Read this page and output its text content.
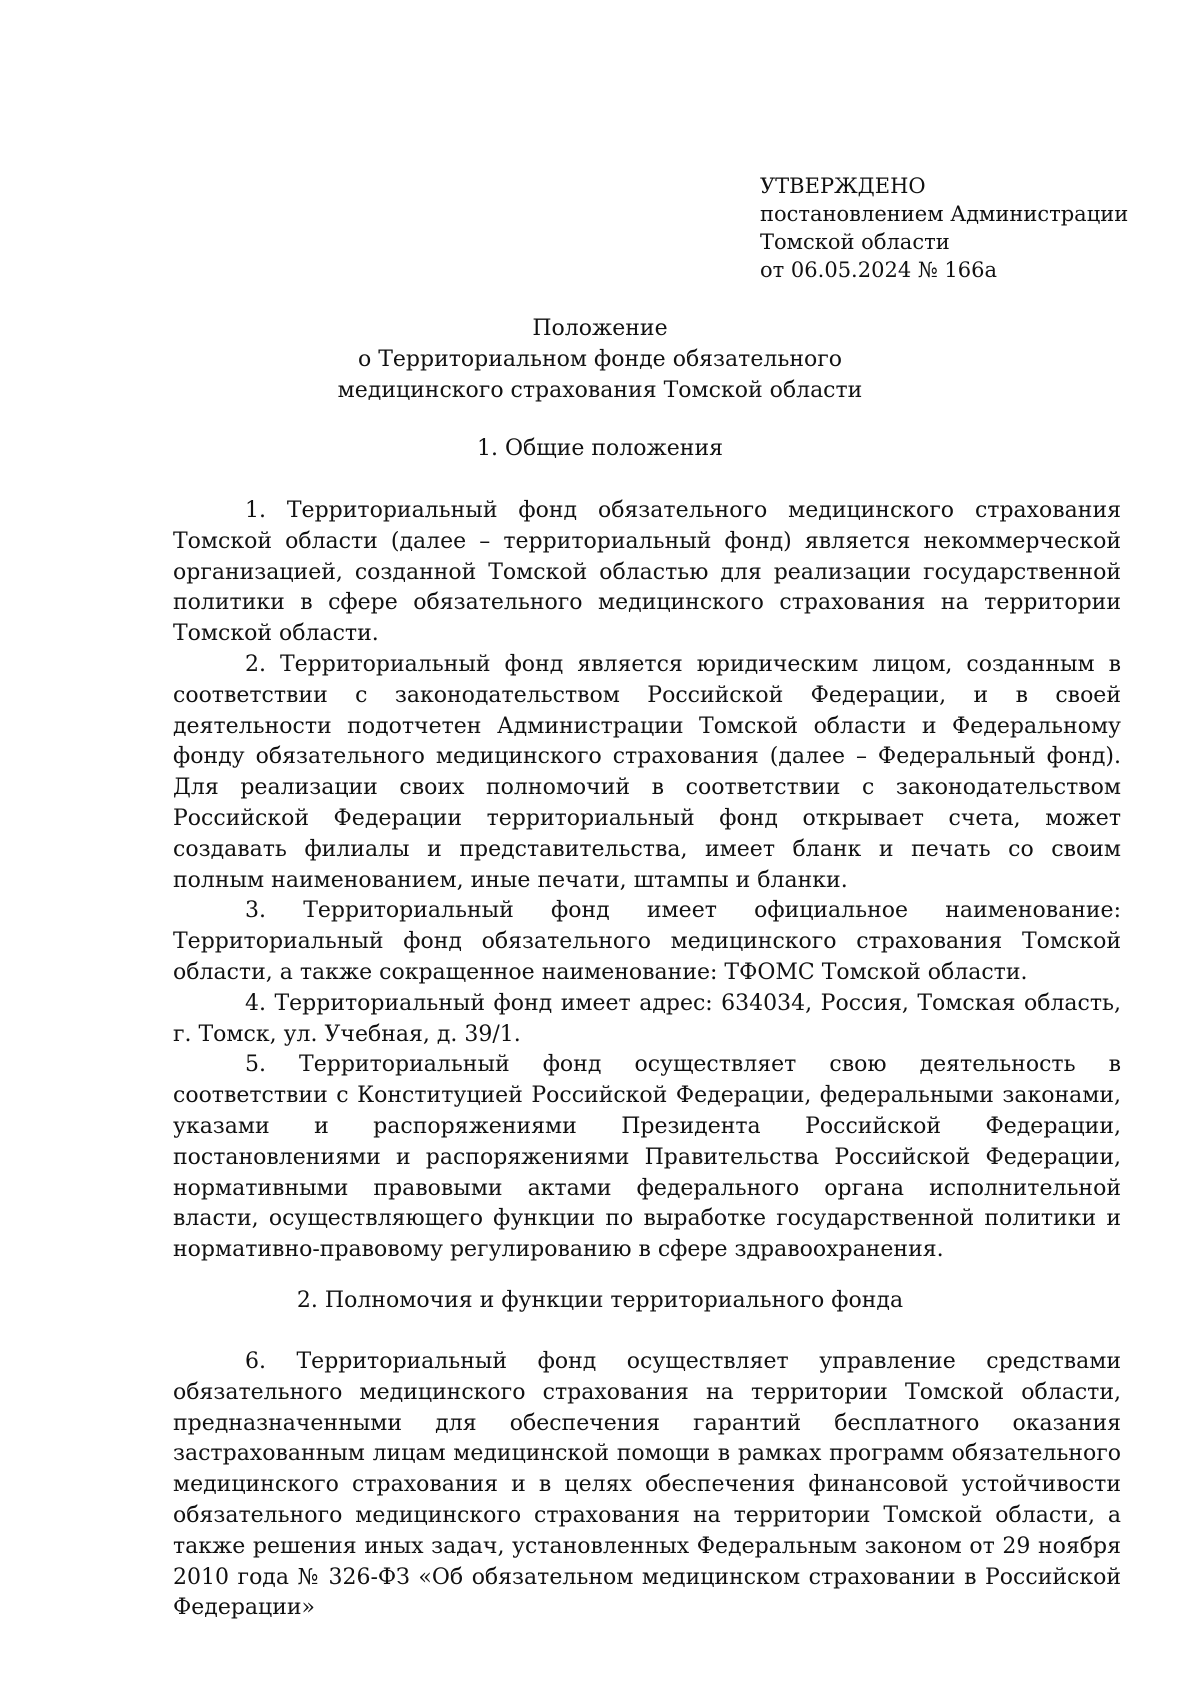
УТВЕРЖДЕНО
постановлением Администрации
Томской области
от 06.05.2024 № 166а
Положение
о Территориальном фонде обязательного
медицинского страхования Томской области
1. Общие положения

1. Территориальный фонд обязательного медицинского страхования Томской области (далее – территориальный фонд) является некоммерческой организацией, созданной Томской областью для реализации государственной политики в сфере обязательного медицинского страхования на территории Томской области.

2. Территориальный фонд является юридическим лицом, созданным в соответствии с законодательством Российской Федерации, и в своей деятельности подотчетен Администрации Томской области и Федеральному фонду обязательного медицинского страхования (далее – Федеральный фонд). Для реализации своих полномочий в соответствии с законодательством Российской Федерации территориальный фонд открывает счета, может создавать филиалы и представительства, имеет бланк и печать со своим полным наименованием, иные печати, штампы и бланки.

3. Территориальный фонд имеет официальное наименование: Территориальный фонд обязательного медицинского страхования Томской области, а также сокращенное наименование: ТФОМС Томской области.

4. Территориальный фонд имеет адрес: 634034, Россия, Томская область, г. Томск, ул. Учебная, д. 39/1.

5. Территориальный фонд осуществляет свою деятельность в соответствии с Конституцией Российской Федерации, федеральными законами, указами и распоряжениями Президента Российской Федерации, постановлениями и распоряжениями Правительства Российской Федерации, нормативными правовыми актами федерального органа исполнительной власти, осуществляющего функции по выработке государственной политики и нормативно-правовому регулированию в сфере здравоохранения.

2. Полномочия и функции территориального фонда

6. Территориальный фонд осуществляет управление средствами обязательного медицинского страхования на территории Томской области, предназначенными для обеспечения гарантий бесплатного оказания застрахованным лицам медицинской помощи в рамках программ обязательного медицинского страхования и в целях обеспечения финансовой устойчивости обязательного медицинского страхования на территории Томской области, а также решения иных задач, установленных Федеральным законом от 29 ноября 2010 года № 326-ФЗ «Об обязательном медицинском страховании в Российской Федерации»
